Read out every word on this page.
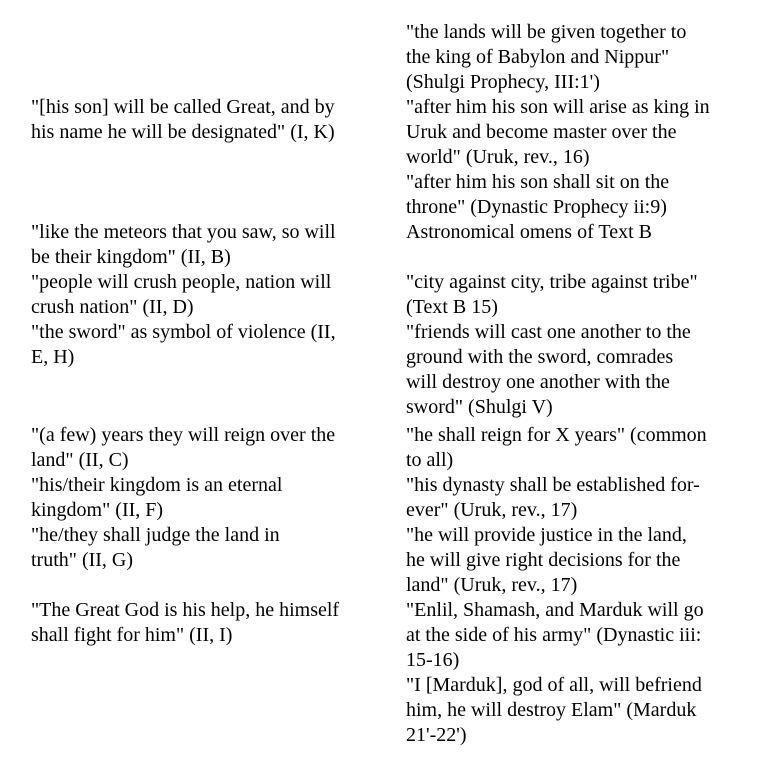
"the lands will be given together to
the king of Babylon and Nippur"
(Shulgi Prophecy, III:1')
"[his son] will be called Great, and by
his name he will be designated" (I, K)
"after him his son will arise as king in
Uruk and become master over the
world" (Uruk, rev., 16)
"after him his son shall sit on the
throne" (Dynastic Prophecy ii:9)
"like the meteors that you saw, so will
be their kingdom" (II, B)
Astronomical omens of Text B
"people will crush people, nation will
crush nation" (II, D)
"city against city, tribe against tribe"
(Text B 15)
"the sword" as symbol of violence (II,
E, H)
"friends will cast one another to the
ground with the sword, comrades
will destroy one another with the
sword" (Shulgi V)
"(a few) years they will reign over the
land" (II, C)
"he shall reign for X years" (common
to all)
"his/their kingdom is an eternal
kingdom" (II, F)
"his dynasty shall be established for-
ever" (Uruk, rev., 17)
"he/they shall judge the land in
truth" (II, G)
"he will provide justice in the land,
he will give right decisions for the
land" (Uruk, rev., 17)
"The Great God is his help, he himself
shall fight for him" (II, I)
"Enlil, Shamash, and Marduk will go
at the side of his army" (Dynastic iii:
15-16)
"I [Marduk], god of all, will befriend
him, he will destroy Elam" (Marduk
21'-22')
